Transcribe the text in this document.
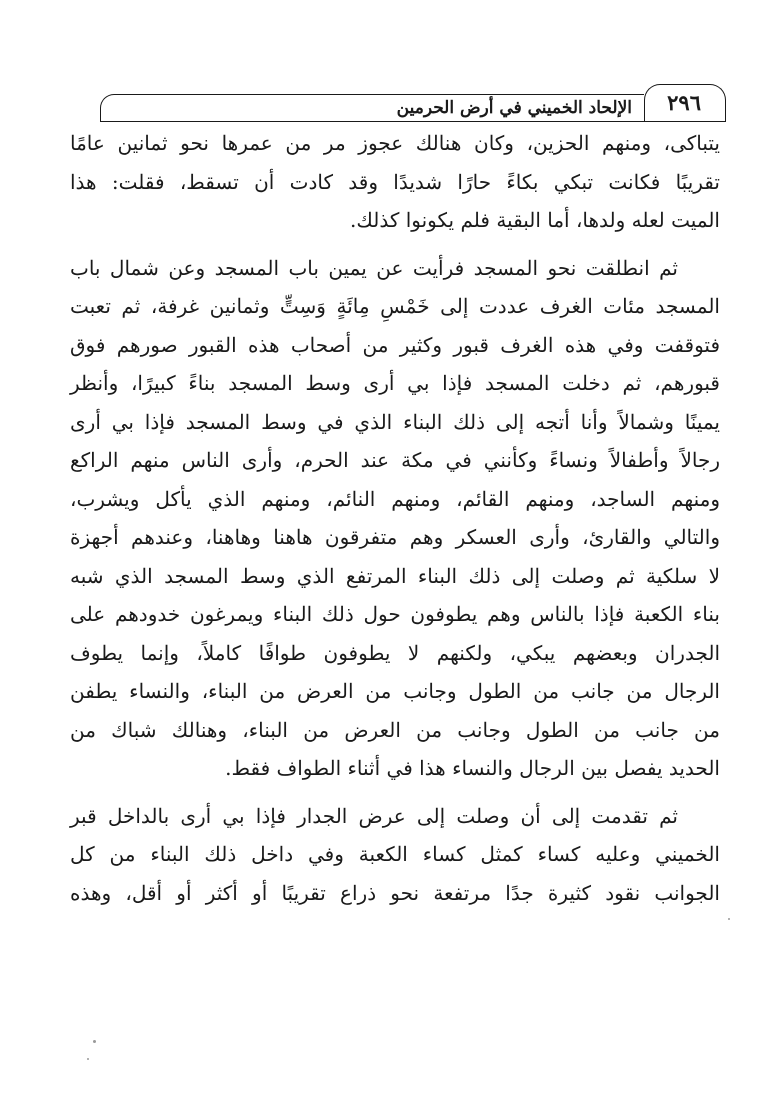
٢٩٦
الإلحاد الخميني في أرض الحرمين
يتباكى، ومنهم الحزين، وكان هنالك عجوز مر من عمرها نحو ثمانين عامًا
تقريبًا فكانت تبكي بكاءً حارًا شديدًا وقد كادت أن تسقط، فقلت: هذا
الميت لعله ولدها، أما البقية فلم يكونوا كذلك.
ثم انطلقت نحو المسجد فرأيت عن يمين باب المسجد وعن شمال باب
المسجد مئات الغرف عددت إلى خَمْسِ مِائَةٍ وَسِتٍّ وثمانين غرفة، ثم تعبت
فتوقفت وفي هذه الغرف قبور وكثير من أصحاب هذه القبور صورهم فوق
قبورهم، ثم دخلت المسجد فإذا بي أرى وسط المسجد بناءً كبيرًا، وأنظر
يمينًا وشمالاً وأنا أتجه إلى ذلك البناء الذي في وسط المسجد فإذا بي أرى
رجالاً وأطفالاً ونساءً وكأنني في مكة عند الحرم، وأرى الناس منهم الراكع
ومنهم الساجد، ومنهم القائم، ومنهم النائم، ومنهم الذي يأكل ويشرب،
والتالي والقارئ، وأرى العسكر وهم متفرقون هاهنا وهاهنا، وعندهم أجهزة
لا سلكية ثم وصلت إلى ذلك البناء المرتفع الذي وسط المسجد الذي شبه
بناء الكعبة فإذا بالناس وهم يطوفون حول ذلك البناء ويمرغون خدودهم على
الجدران وبعضهم يبكي، ولكنهم لا يطوفون طوافًا كاملاً، وإنما يطوف
الرجال من جانب من الطول وجانب من العرض من البناء، والنساء يطفن
من جانب من الطول وجانب من العرض من البناء، وهنالك شباك من
الحديد يفصل بين الرجال والنساء هذا في أثناء الطواف فقط.
ثم تقدمت إلى أن وصلت إلى عرض الجدار فإذا بي أرى بالداخل قبر
الخميني وعليه كساء كمثل كساء الكعبة وفي داخل ذلك البناء من كل
الجوانب نقود كثيرة جدًا مرتفعة نحو ذراع تقريبًا أو أكثر أو أقل، وهذه
